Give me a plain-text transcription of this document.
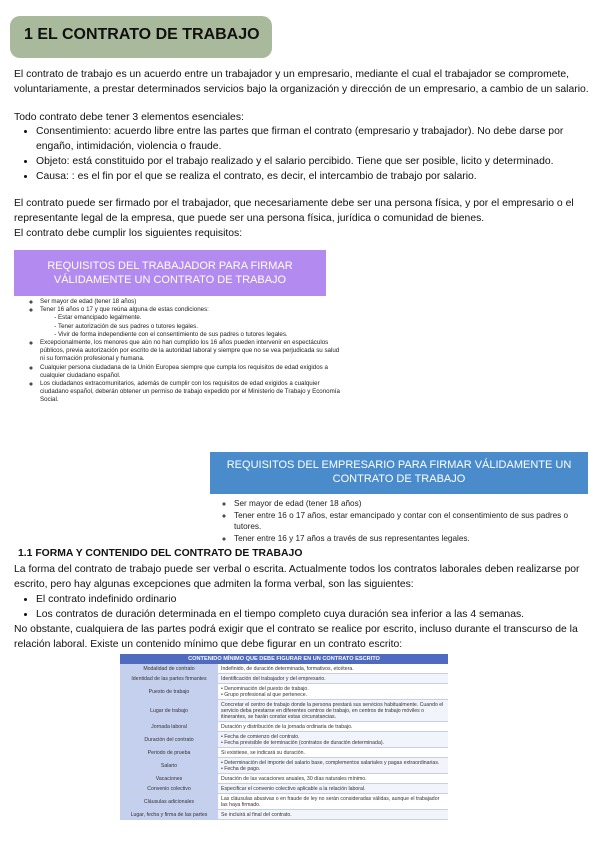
1 EL CONTRATO DE TRABAJO
El contrato de trabajo es un acuerdo entre un trabajador y un empresario, mediante el cual el trabajador se compromete, voluntariamente, a prestar determinados servicios bajo la organización y dirección de un empresario, a cambio de un salario.
Todo contrato debe tener 3 elementos esenciales:
• Consentimiento: acuerdo libre entre las partes que firman el contrato (empresario y trabajador). No debe darse por engaño, intimidación, violencia o fraude.
• Objeto: está constituido por el trabajo realizado y el salario percibido. Tiene que ser posible, licito y determinado.
• Causa: : es el fin por el que se realiza el contrato, es decir, el intercambio de trabajo por salario.
El contrato puede ser firmado por el trabajador, que necesariamente debe ser una persona física, y por el empresario o el representante legal de la empresa, que puede ser una persona física, jurídica o comunidad de bienes.
El contrato debe cumplir los siguientes requisitos:
REQUISITOS DEL TRABAJADOR PARA FIRMAR VÁLIDAMENTE UN CONTRATO DE TRABAJO
◦ Ser mayor de edad (tener 18 años)
◦ Tener 16 años o 17 y que reúna alguna de estas condiciones:
- Estar emancipado legalmente.
- Tener autorización de sus padres o tutores legales.
- Vivir de forma independiente con el consentimiento de sus padres o tutores legales.
◦ Excepcionalmente, los menores que aún no han cumplido los 16 años pueden intervenir en espectáculos públicos, previa autorización por escrito de la autoridad laboral y siempre que no se vea perjudicada su salud ni su formación profesional y humana.
◦ Cualquier persona ciudadana de la Unión Europea siempre que cumpla los requisitos de edad exigidos a cualquier ciudadano español.
◦ Los ciudadanos extracomunitarios, además de cumplir con los requisitos de edad exigidos a cualquier ciudadano español, deberán obtener un permiso de trabajo expedido por el Ministerio de Trabajo y Economía Social.
REQUISITOS DEL EMPRESARIO PARA FIRMAR VÁLIDAMENTE UN CONTRATO DE TRABAJO
◦ Ser mayor de edad (tener 18 años)
◦ Tener entre 16 o 17 años, estar emancipado y contar con el consentimiento de sus padres o tutores.
◦ Tener entre 16 y 17 años a través de sus representantes legales.
1.1 FORMA Y CONTENIDO DEL CONTRATO DE TRABAJO
La forma del contrato de trabajo puede ser verbal o escrita. Actualmente todos los contratos laborales deben realizarse por escrito, pero hay algunas excepciones que admiten la forma verbal, son las siguientes:
• El contrato indefinido ordinario
• Los contratos de duración determinada en el tiempo completo cuya duración sea inferior a las 4 semanas.
No obstante, cualquiera de las partes podrá exigir que el contrato se realice por escrito, incluso durante el transcurso de la relación laboral. Existe un contenido mínimo que debe figurar en un contrato escrito:
CONTENIDO MÍNIMO QUE DEBE FIGURAR EN UN CONTRATO ESCRITO
Modalidad de contrato	Indefinido, de duración determinada, formativos, etcétera.
Identidad de las partes firmantes	Identificación del trabajador y del empresario.
Puesto de trabajo	• Denominación del puesto de trabajo.
• Grupo profesional al que pertenece.
Lugar de trabajo	Concretar el centro de trabajo donde la persona prestará sus servicios habitualmente. Cuando el servicio deba prestarse en diferentes centros de trabajo, en centros de trabajo móviles o itinerantes, se harán constar estas circunstancias.
Jornada laboral	Duración y distribución de la jornada ordinaria de trabajo.
Duración del contrato	• Fecha de comienzo del contrato.
• Fecha previsible de terminación (contratos de duración determinada).
Periodo de prueba	Si existiese, se indicará su duración.
Salario	• Determinación del importe del salario base, complementos salariales y pagas extraordinarias.
• Fecha de pago.
Vacaciones	Duración de las vacaciones anuales, 30 días naturales mínimo.
Convenio colectivo	Especificar el convenio colectivo aplicable a la relación laboral.
Cláusulas adicionales	Las cláusulas abusivas o en fraude de ley no serán consideradas válidas, aunque el trabajador las haya firmado.
Lugar, fecha y firma de las partes	Se incluirá al final del contrato.
